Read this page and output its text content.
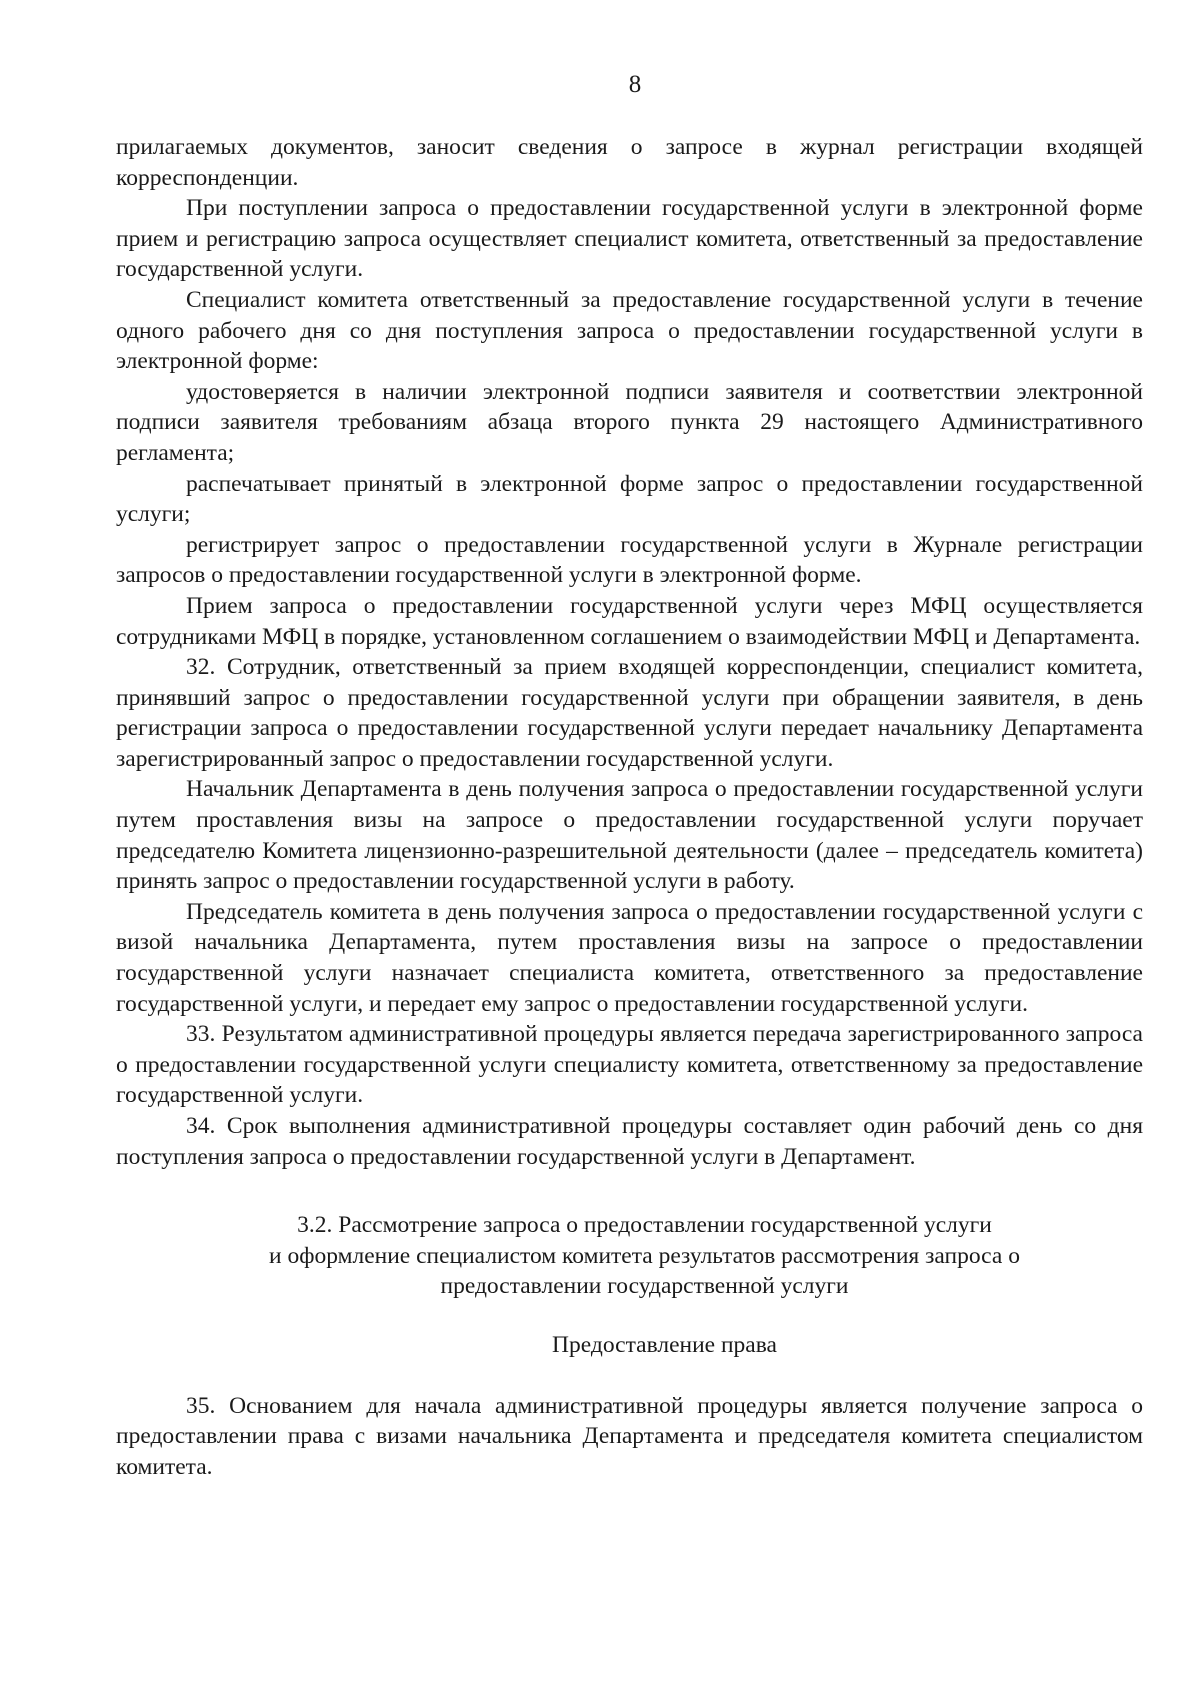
8

прилагаемых документов, заносит сведения о запросе в журнал регистрации входящей корреспонденции.

При поступлении запроса о предоставлении государственной услуги в электронной форме прием и регистрацию запроса осуществляет специалист комитета, ответственный за предоставление государственной услуги.

Специалист комитета ответственный за предоставление государственной услуги в течение одного рабочего дня со дня поступления запроса о предоставлении государственной услуги в электронной форме:

удостоверяется в наличии электронной подписи заявителя и соответствии электронной подписи заявителя требованиям абзаца второго пункта 29 настоящего Административного регламента;

распечатывает принятый в электронной форме запрос о предоставлении государственной услуги;

регистрирует запрос о предоставлении государственной услуги в Журнале регистрации запросов о предоставлении государственной услуги в электронной форме.

Прием запроса о предоставлении государственной услуги через МФЦ осуществляется сотрудниками МФЦ в порядке, установленном соглашением о взаимодействии МФЦ и Департамента.

32. Сотрудник, ответственный за прием входящей корреспонденции, специалист комитета, принявший запрос о предоставлении государственной услуги при обращении заявителя, в день регистрации запроса о предоставлении государственной услуги передает начальнику Департамента зарегистрированный запрос о предоставлении государственной услуги.

Начальник Департамента в день получения запроса о предоставлении государственной услуги путем проставления визы на запросе о предоставлении государственной услуги поручает председателю Комитета лицензионно-разрешительной деятельности (далее – председатель комитета) принять запрос о предоставлении государственной услуги в работу.

Председатель комитета в день получения запроса о предоставлении государственной услуги с визой начальника Департамента, путем проставления визы на запросе о предоставлении государственной услуги назначает специалиста комитета, ответственного за предоставление государственной услуги, и передает ему запрос о предоставлении государственной услуги.

33. Результатом административной процедуры является передача зарегистрированного запроса о предоставлении государственной услуги специалисту комитета, ответственному за предоставление государственной услуги.

34. Срок выполнения административной процедуры составляет один рабочий день со дня поступления запроса о предоставлении государственной услуги в Департамент.

3.2. Рассмотрение запроса о предоставлении государственной услуги

и оформление специалистом комитета результатов рассмотрения запроса о

предоставлении государственной услуги

Предоставление права

35. Основанием для начала административной процедуры является получение запроса о предоставлении права с визами начальника Департамента и председателя комитета специалистом комитета.
